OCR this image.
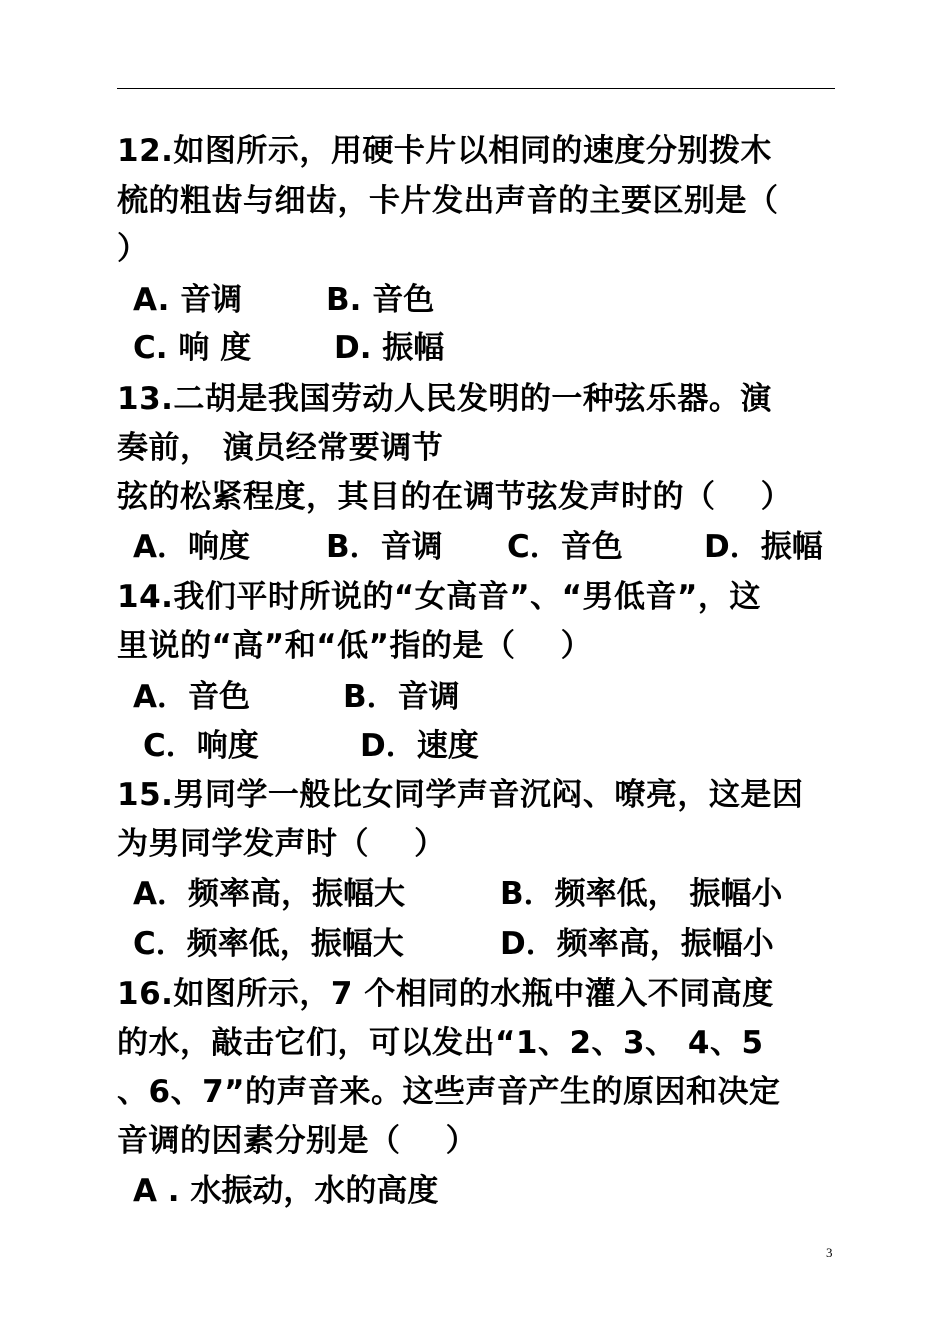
12.如图所示，用硬卡片以相同的速度分别拨木
梳的粗齿与细齿，卡片发出声音的主要区别是（
）
A. 音调	B. 音色
C. 响 度	D. 振幅
13.二胡是我国劳动人民发明的一种弦乐器。演
奏前， 演员经常要调节
弦的松紧程度，其目的在调节弦发声时的（    ）
A．响度 B．音调 C．音色	D．振幅
14.我们平时所说的“女高音”、“男低音”，这
里说的“高”和“低”指的是（    ）
A．音色	B．音调
C．响度	D．速度
15.男同学一般比女同学声音沉闷、嘹亮，这是因
为男同学发声时（    ）
A．频率高，振幅大	B．频率低， 振幅小
C．频率低，振幅大	D．频率高，振幅小
16.如图所示，7 个相同的水瓶中灌入不同高度
的水，敲击它们，可以发出“1、2、3、 4、5
、6、7”的声音来。这些声音产生的原因和决定
音调的因素分别是（    ）
A . 水振动，水的高度
3
